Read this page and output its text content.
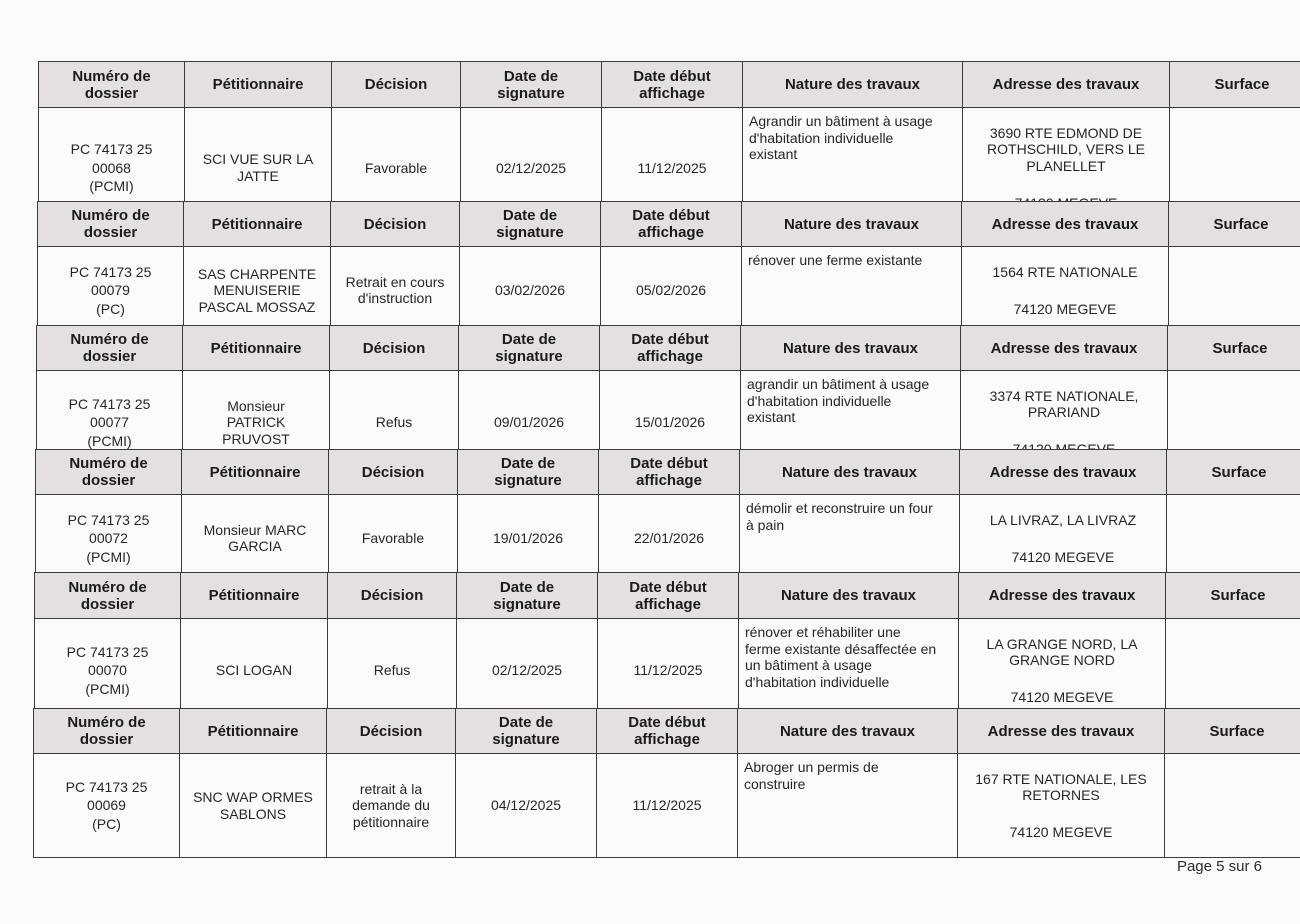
Numéro de
dossier	Pétitionnaire	Décision	Date de
signature	Date début
affichage	Nature des travaux	Adresse des travaux	Surface
PC 74173 25
00068
(PCMI)	SCI VUE SUR LA
JATTE	Favorable	02/12/2025	11/12/2025	Agrandir un bâtiment à usage
d'habitation individuelle
existant	3690 RTE EDMOND DE
ROTHSCHILD, VERS LE
PLANELLET	

Numéro de
dossier	Pétitionnaire	Décision	Date de
signature	Date début
affichage	Nature des travaux	Adresse des travaux	Surface
PC 74173 25
00079
(PC)	SAS CHARPENTE
MENUISERIE
PASCAL MOSSAZ	Retrait en cours
d'instruction	03/02/2026	05/02/2026	rénover une ferme existante	1564 RTE NATIONALE

74120 MEGEVE	

Numéro de
dossier	Pétitionnaire	Décision	Date de
signature	Date début
affichage	Nature des travaux	Adresse des travaux	Surface
PC 74173 25
00077
(PCMI)	Monsieur
PATRICK
PRUVOST	Refus	09/01/2026	15/01/2026	agrandir un bâtiment à usage
d'habitation individuelle
existant	3374 RTE NATIONALE,
PRARIAND	

Numéro de
dossier	Pétitionnaire	Décision	Date de
signature	Date début
affichage	Nature des travaux	Adresse des travaux	Surface
PC 74173 25
00072
(PCMI)	Monsieur MARC
GARCIA	Favorable	19/01/2026	22/01/2026	démolir et reconstruire un four
à pain	LA LIVRAZ, LA LIVRAZ

74120 MEGEVE	

Numéro de
dossier	Pétitionnaire	Décision	Date de
signature	Date début
affichage	Nature des travaux	Adresse des travaux	Surface
PC 74173 25
00070
(PCMI)	SCI LOGAN	Refus	02/12/2025	11/12/2025	rénover et réhabiliter une
ferme existante désaffectée en
un bâtiment à usage
d'habitation individuelle	LA GRANGE NORD, LA
GRANGE NORD

74120 MEGEVE	

Numéro de
dossier	Pétitionnaire	Décision	Date de
signature	Date début
affichage	Nature des travaux	Adresse des travaux	Surface
PC 74173 25
00069
(PC)	SNC WAP ORMES
SABLONS	retrait à la
demande du
pétitionnaire	04/12/2025	11/12/2025	Abroger un permis de
construire	167 RTE NATIONALE, LES
RETORNES

74120 MEGEVE	

Page 5 sur 6
